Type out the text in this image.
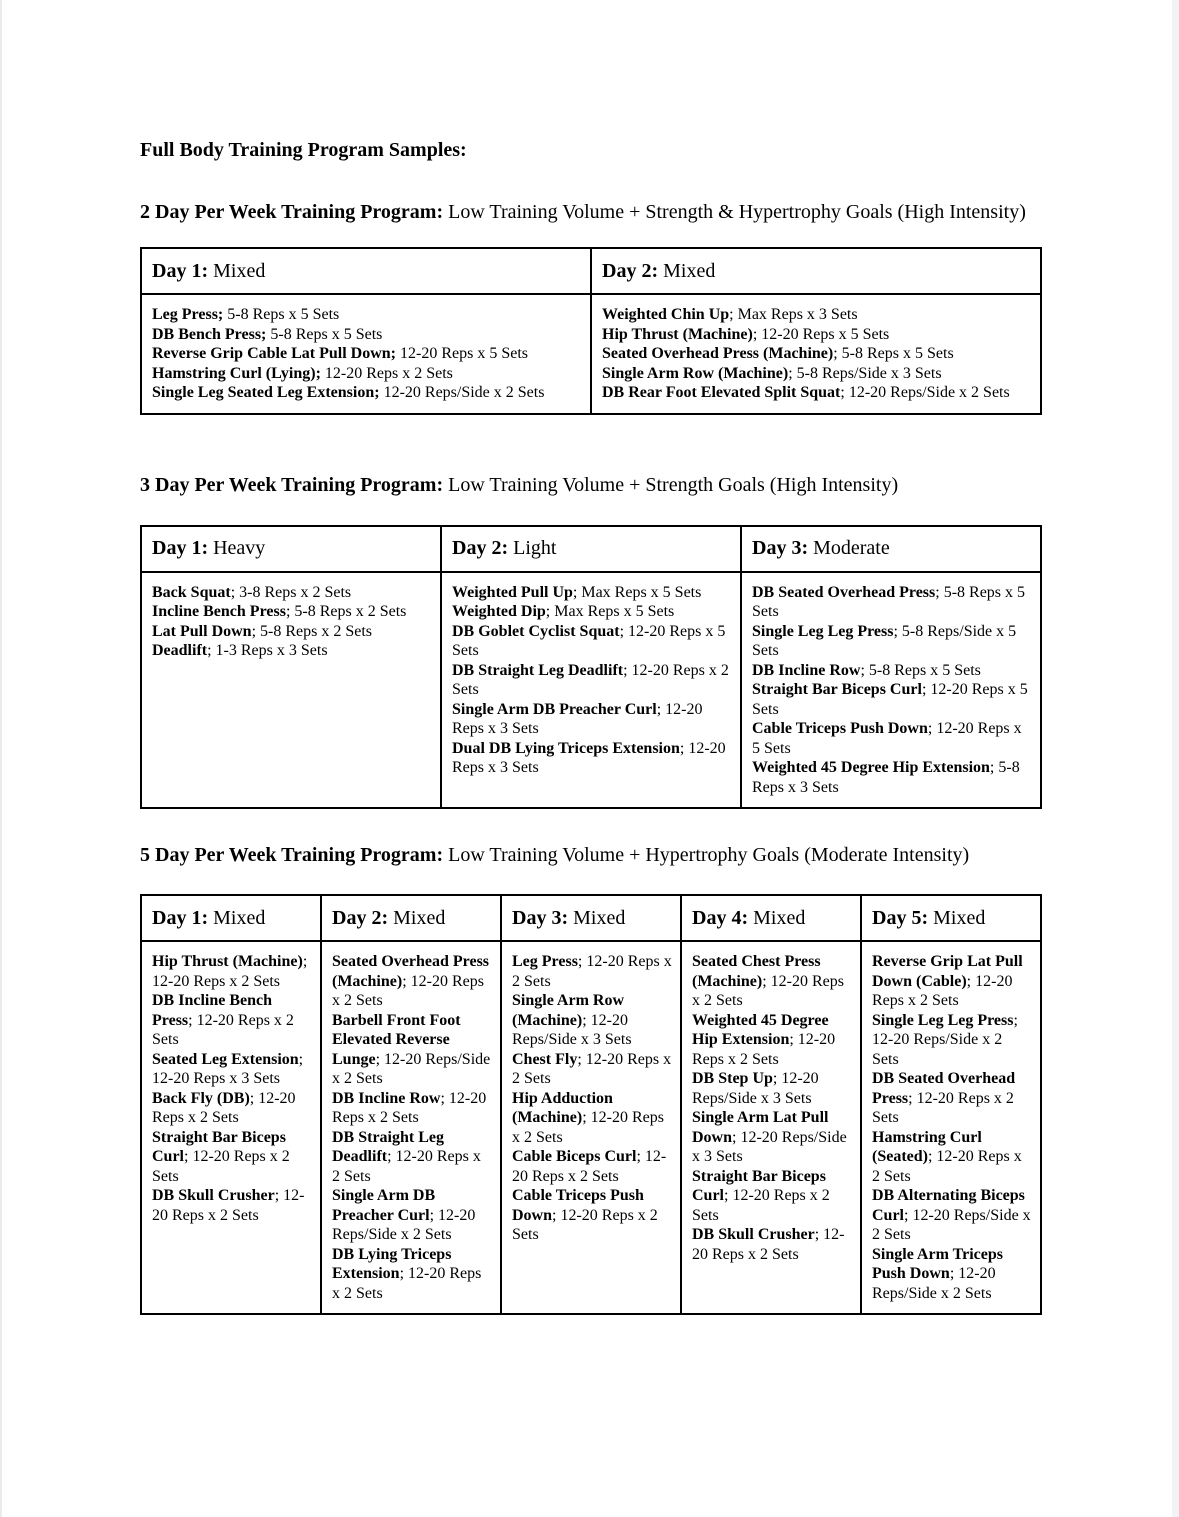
Full Body Training Program Samples:

2 Day Per Week Training Program: Low Training Volume + Strength & Hypertrophy Goals (High Intensity)

Day 1: Mixed	Day 2: Mixed

Leg Press; 5-8 Reps x 5 Sets
DB Bench Press; 5-8 Reps x 5 Sets
Reverse Grip Cable Lat Pull Down; 12-20 Reps x 5 Sets
Hamstring Curl (Lying); 12-20 Reps x 2 Sets
Single Leg Seated Leg Extension; 12-20 Reps/Side x 2 Sets

Weighted Chin Up; Max Reps x 3 Sets
Hip Thrust (Machine); 12-20 Reps x 5 Sets
Seated Overhead Press (Machine); 5-8 Reps x 5 Sets
Single Arm Row (Machine); 5-8 Reps/Side x 3 Sets
DB Rear Foot Elevated Split Squat; 12-20 Reps/Side x 2 Sets

3 Day Per Week Training Program: Low Training Volume + Strength Goals (High Intensity)

Day 1: Heavy	Day 2: Light	Day 3: Moderate

Back Squat; 3-8 Reps x 2 Sets
Incline Bench Press; 5-8 Reps x 2 Sets
Lat Pull Down; 5-8 Reps x 2 Sets
Deadlift; 1-3 Reps x 3 Sets

Weighted Pull Up; Max Reps x 5 Sets
Weighted Dip; Max Reps x 5 Sets
DB Goblet Cyclist Squat; 12-20 Reps x 5 Sets
DB Straight Leg Deadlift; 12-20 Reps x 2 Sets
Single Arm DB Preacher Curl; 12-20 Reps x 3 Sets
Dual DB Lying Triceps Extension; 12-20 Reps x 3 Sets

DB Seated Overhead Press; 5-8 Reps x 5 Sets
Single Leg Leg Press; 5-8 Reps/Side x 5 Sets
DB Incline Row; 5-8 Reps x 5 Sets
Straight Bar Biceps Curl; 12-20 Reps x 5 Sets
Cable Triceps Push Down; 12-20 Reps x 5 Sets
Weighted 45 Degree Hip Extension; 5-8 Reps x 3 Sets

5 Day Per Week Training Program: Low Training Volume + Hypertrophy Goals (Moderate Intensity)

Day 1: Mixed	Day 2: Mixed	Day 3: Mixed	Day 4: Mixed	Day 5: Mixed

Hip Thrust (Machine); 12-20 Reps x 2 Sets
DB Incline Bench Press; 12-20 Reps x 2 Sets
Seated Leg Extension; 12-20 Reps x 3 Sets
Back Fly (DB); 12-20 Reps x 2 Sets
Straight Bar Biceps Curl; 12-20 Reps x 2 Sets
DB Skull Crusher; 12-20 Reps x 2 Sets

Seated Overhead Press (Machine); 12-20 Reps x 2 Sets
Barbell Front Foot Elevated Reverse Lunge; 12-20 Reps/Side x 2 Sets
DB Incline Row; 12-20 Reps x 2 Sets
DB Straight Leg Deadlift; 12-20 Reps x 2 Sets
Single Arm DB Preacher Curl; 12-20 Reps/Side x 2 Sets
DB Lying Triceps Extension; 12-20 Reps x 2 Sets

Leg Press; 12-20 Reps x 2 Sets
Single Arm Row (Machine); 12-20 Reps/Side x 3 Sets
Chest Fly; 12-20 Reps x 2 Sets
Hip Adduction (Machine); 12-20 Reps x 2 Sets
Cable Biceps Curl; 12-20 Reps x 2 Sets
Cable Triceps Push Down; 12-20 Reps x 2 Sets

Seated Chest Press (Machine); 12-20 Reps x 2 Sets
Weighted 45 Degree Hip Extension; 12-20 Reps x 2 Sets
DB Step Up; 12-20 Reps/Side x 3 Sets
Single Arm Lat Pull Down; 12-20 Reps/Side x 3 Sets
Straight Bar Biceps Curl; 12-20 Reps x 2 Sets
DB Skull Crusher; 12-20 Reps x 2 Sets

Reverse Grip Lat Pull Down (Cable); 12-20 Reps x 2 Sets
Single Leg Leg Press; 12-20 Reps/Side x 2 Sets
DB Seated Overhead Press; 12-20 Reps x 2 Sets
Hamstring Curl (Seated); 12-20 Reps x 2 Sets
DB Alternating Biceps Curl; 12-20 Reps/Side x 2 Sets
Single Arm Triceps Push Down; 12-20 Reps/Side x 2 Sets
